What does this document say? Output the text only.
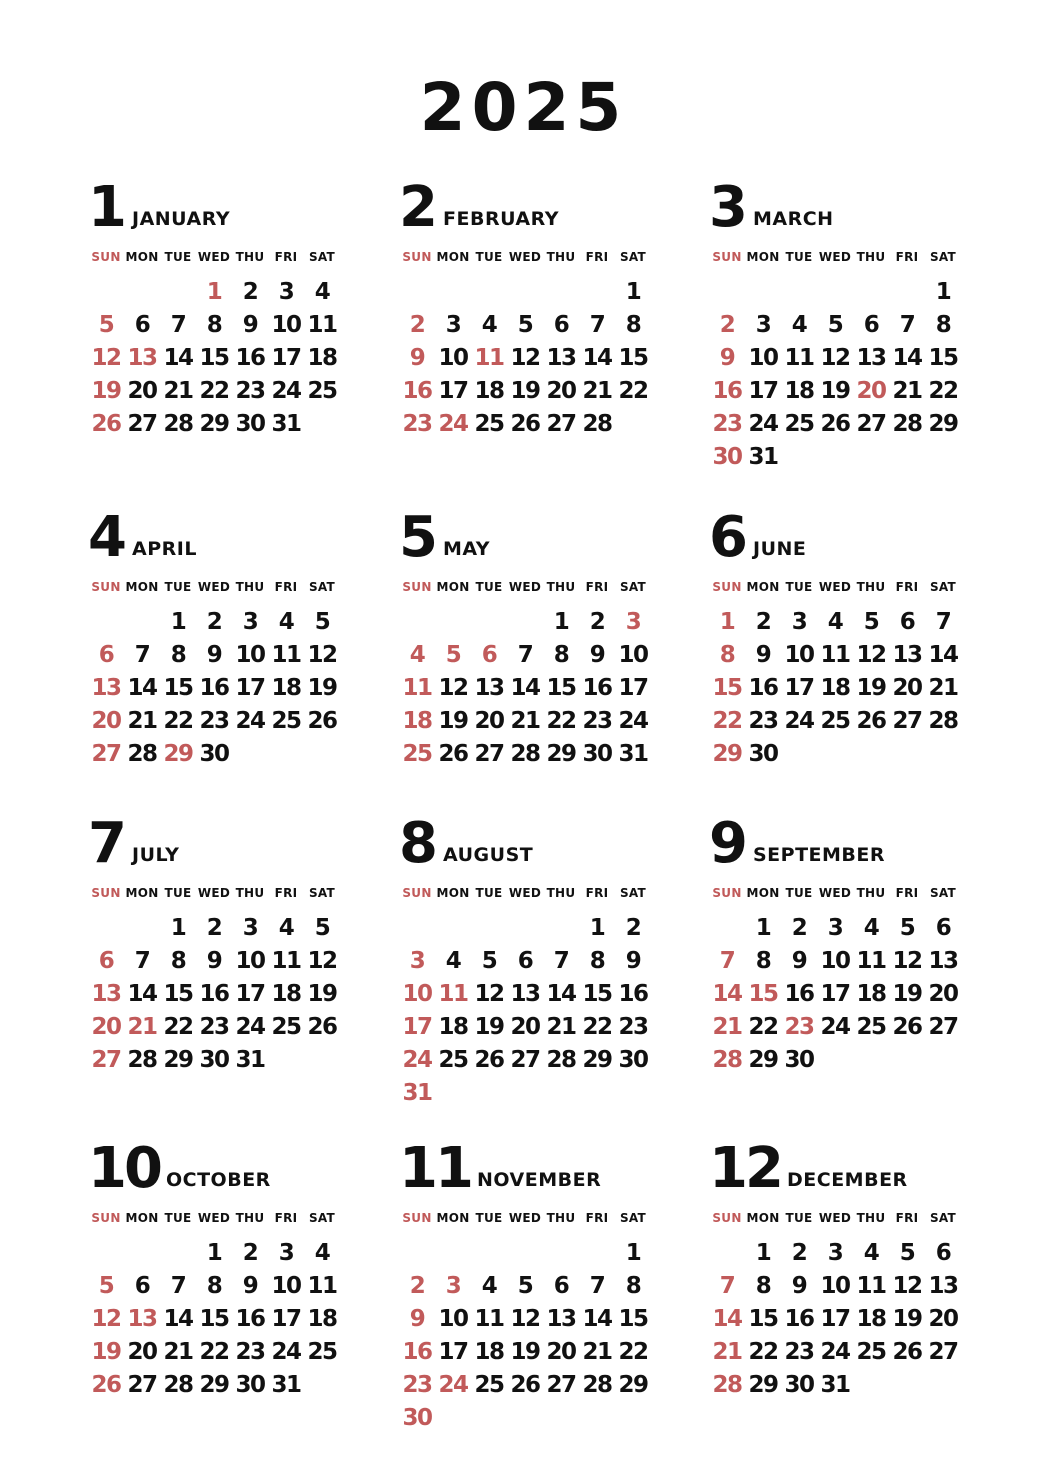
2025
1 JANUARY
SUN MON TUE WED THU FRI SAT
1 2 3 4
5 6 7 8 9 10 11
12 13 14 15 16 17 18
19 20 21 22 23 24 25
26 27 28 29 30 31
2 FEBRUARY
SUN MON TUE WED THU FRI SAT
1
2 3 4 5 6 7 8
9 10 11 12 13 14 15
16 17 18 19 20 21 22
23 24 25 26 27 28
3 MARCH
SUN MON TUE WED THU FRI SAT
1
2 3 4 5 6 7 8
9 10 11 12 13 14 15
16 17 18 19 20 21 22
23 24 25 26 27 28 29
30 31
4 APRIL
SUN MON TUE WED THU FRI SAT
1 2 3 4 5
6 7 8 9 10 11 12
13 14 15 16 17 18 19
20 21 22 23 24 25 26
27 28 29 30
5 MAY
SUN MON TUE WED THU FRI SAT
1 2 3
4 5 6 7 8 9 10
11 12 13 14 15 16 17
18 19 20 21 22 23 24
25 26 27 28 29 30 31
6 JUNE
SUN MON TUE WED THU FRI SAT
1 2 3 4 5 6 7
8 9 10 11 12 13 14
15 16 17 18 19 20 21
22 23 24 25 26 27 28
29 30
7 JULY
SUN MON TUE WED THU FRI SAT
1 2 3 4 5
6 7 8 9 10 11 12
13 14 15 16 17 18 19
20 21 22 23 24 25 26
27 28 29 30 31
8 AUGUST
SUN MON TUE WED THU FRI SAT
1 2
3 4 5 6 7 8 9
10 11 12 13 14 15 16
17 18 19 20 21 22 23
24 25 26 27 28 29 30
31
9 SEPTEMBER
SUN MON TUE WED THU FRI SAT
1 2 3 4 5 6
7 8 9 10 11 12 13
14 15 16 17 18 19 20
21 22 23 24 25 26 27
28 29 30
10 OCTOBER
SUN MON TUE WED THU FRI SAT
1 2 3 4
5 6 7 8 9 10 11
12 13 14 15 16 17 18
19 20 21 22 23 24 25
26 27 28 29 30 31
11 NOVEMBER
SUN MON TUE WED THU FRI SAT
1
2 3 4 5 6 7 8
9 10 11 12 13 14 15
16 17 18 19 20 21 22
23 24 25 26 27 28 29
30
12 DECEMBER
SUN MON TUE WED THU FRI SAT
1 2 3 4 5 6
7 8 9 10 11 12 13
14 15 16 17 18 19 20
21 22 23 24 25 26 27
28 29 30 31
